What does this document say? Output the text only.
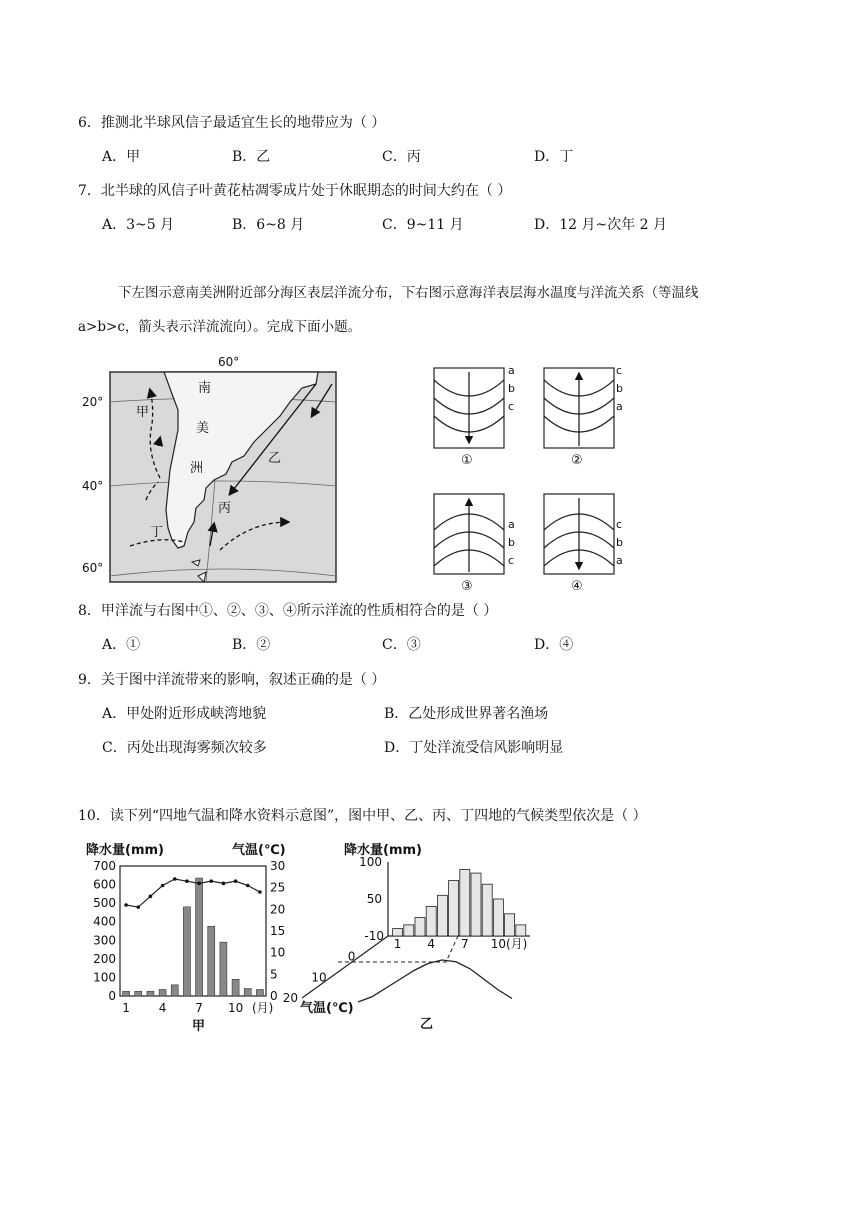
6．推测北半球风信子最适宜生长的地带应为（ ）
A．甲	B．乙	C．丙	D．丁
7．北半球的风信子叶黄花枯凋零成片处于休眠期态的时间大约在（ ）
A．3~5 月	B．6~8 月	C．9~11 月	D．12 月~次年 2 月
下左图示意南美洲附近部分海区表层洋流分布，下右图示意海洋表层海水温度与洋流关系（等温线
a>b>c，箭头表示洋流流向）。完成下面小题。
60°
20°
40°
60°
南
美
洲
甲
乙
丙
丁
a
b
c
①
c
b
a
②
a
b
c
③
c
b
a
④
8．甲洋流与右图中①、②、③、④所示洋流的性质相符合的是（ ）
A．①	B．②	C．③	D．④
9．关于图中洋流带来的影响，叙述正确的是（ ）
A．甲处附近形成峡湾地貌	B．乙处形成世界著名渔场
C．丙处出现海雾频次较多	D．丁处洋流受信风影响明显
10．读下列“四地气温和降水资料示意图”，图中甲、乙、丙、丁四地的气候类型依次是（ ）
降水量(mm)	气温(℃)
700
600
500
400
300
200
100
0
30
25
20
15
10
5
0
1 4 7 10 (月)
甲
降水量(mm)
100
50
1 4 7 10 (月)
-10
0
10
20
气温(℃)
乙
